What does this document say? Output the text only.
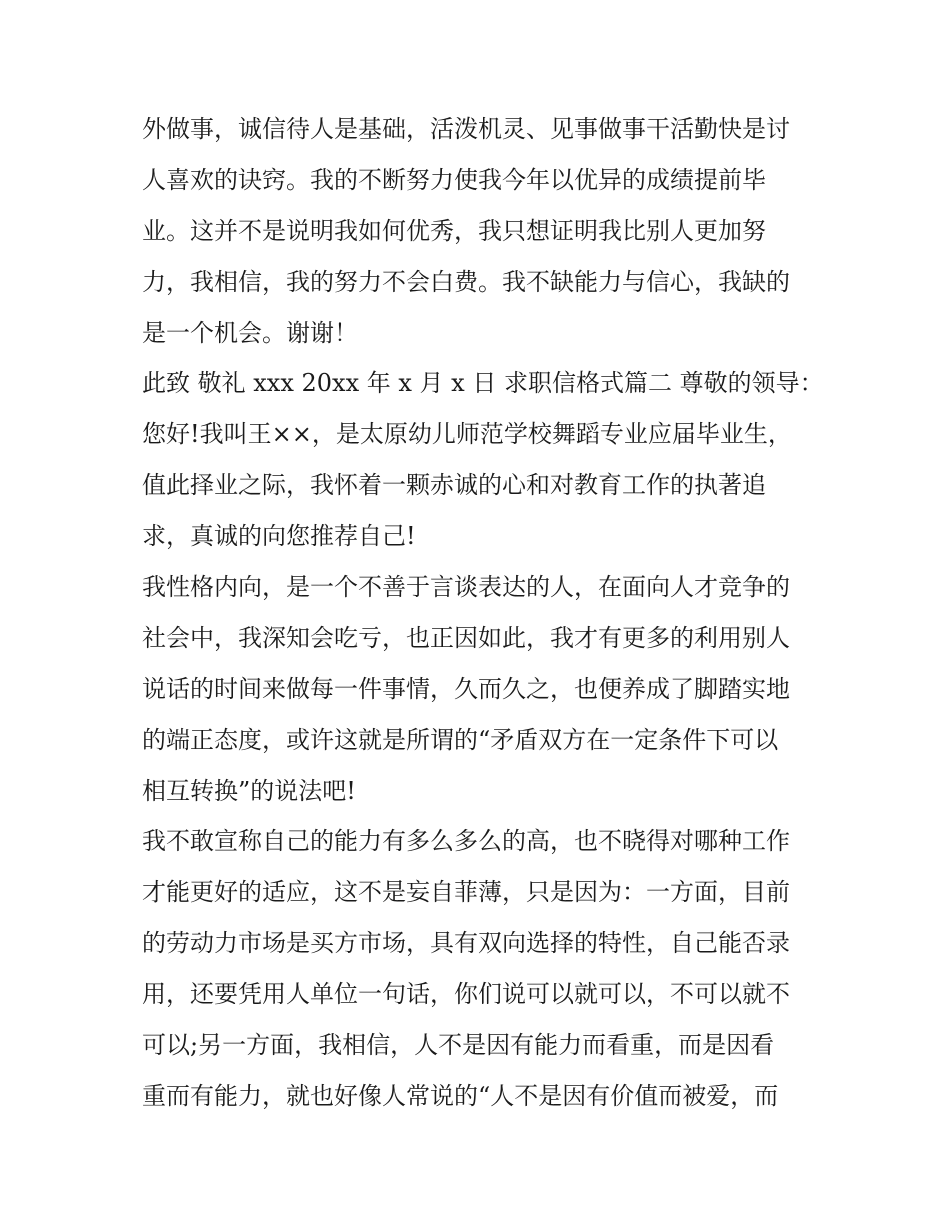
外做事，诚信待人是基础，活泼机灵、见事做事干活勤快是讨
人喜欢的诀窍。我的不断努力使我今年以优异的成绩提前毕
业。这并不是说明我如何优秀，我只想证明我比别人更加努
力，我相信，我的努力不会白费。我不缺能力与信心，我缺的
是一个机会。谢谢！
此致 敬礼 xxx 20xx 年 x 月 x 日 求职信格式篇二 尊敬的领导：
您好!我叫王××，是太原幼儿师范学校舞蹈专业应届毕业生，
值此择业之际，我怀着一颗赤诚的心和对教育工作的执著追
求，真诚的向您推荐自己!
我性格内向，是一个不善于言谈表达的人，在面向人才竞争的
社会中，我深知会吃亏，也正因如此，我才有更多的利用别人
说话的时间来做每一件事情，久而久之，也便养成了脚踏实地
的端正态度，或许这就是所谓的“矛盾双方在一定条件下可以
相互转换”的说法吧!
我不敢宣称自己的能力有多么多么的高，也不晓得对哪种工作
才能更好的适应，这不是妄自菲薄，只是因为：一方面，目前
的劳动力市场是买方市场，具有双向选择的特性，自己能否录
用，还要凭用人单位一句话，你们说可以就可以，不可以就不
可以;另一方面，我相信，人不是因有能力而看重，而是因看
重而有能力，就也好像人常说的“人不是因有价值而被爱，而
